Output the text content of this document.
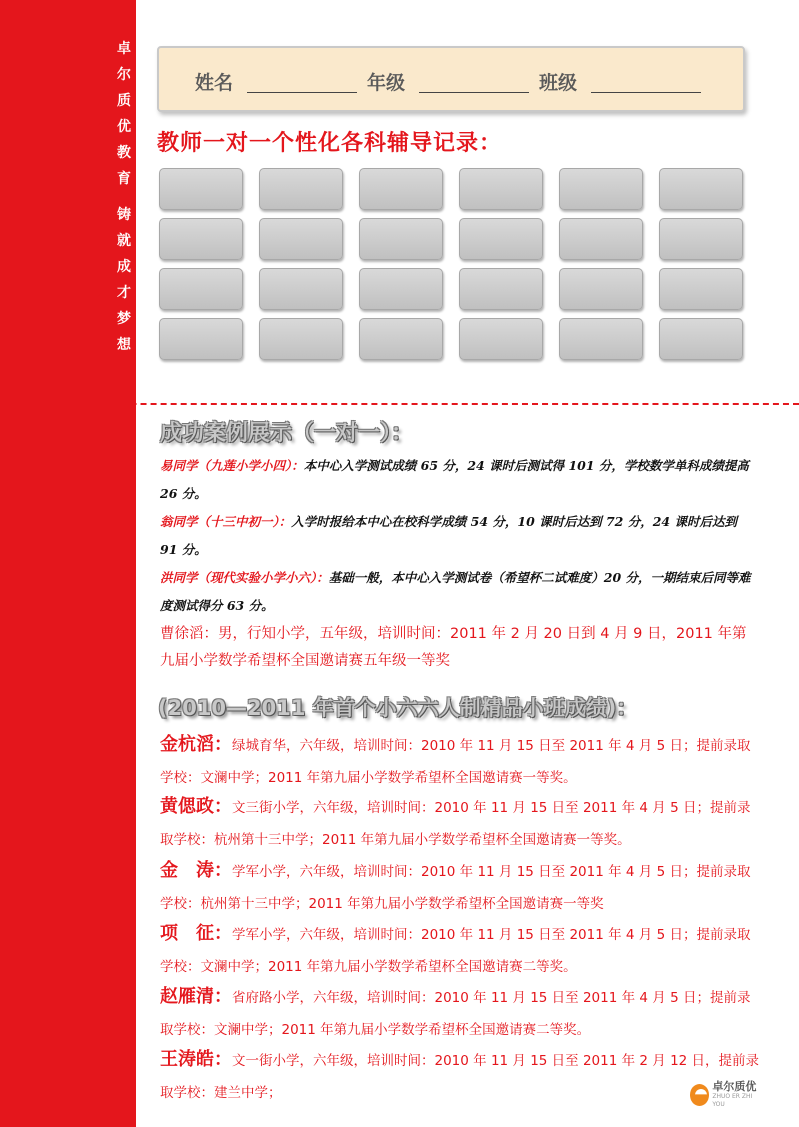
卓
尔
质
优
教
育
铸
就
成
才
梦
想
姓名	年级	班级
教师一对一个性化各科辅导记录：
成功案例展示（一对一）：

易同学（九莲小学小四）：本中心入学测试成绩 65 分，24 课时后测试得 101 分，学校数学单科成绩提高 26 分。

翁同学（十三中初一）：入学时报给本中心在校科学成绩 54 分，10 课时后达到 72 分，24 课时后达到 91 分。

洪同学（现代实验小学小六）：基础一般，本中心入学测试卷（希望杯二试难度）20 分，一期结束后同等难度测试得分 63 分。

曹徐滔：男，行知小学，五年级，培训时间：2011 年 2 月 20 日到 4 月 9 日，2011 年第九届小学数学希望杯全国邀请赛五年级一等奖

(2010—2011 年首个小六六人制精品小班成绩)：

金杭滔：绿城育华，六年级，培训时间：2010 年 11 月 15 日至 2011 年 4 月 5 日；提前录取学校：文澜中学；2011 年第九届小学数学希望杯全国邀请赛一等奖。

黄偲政：文三街小学，六年级，培训时间：2010 年 11 月 15 日至 2011 年 4 月 5 日；提前录取学校：杭州第十三中学；2011 年第九届小学数学希望杯全国邀请赛一等奖。

金　涛：学军小学，六年级，培训时间：2010 年 11 月 15 日至 2011 年 4 月 5 日；提前录取学校：杭州第十三中学；2011 年第九届小学数学希望杯全国邀请赛一等奖

项　征：学军小学，六年级，培训时间：2010 年 11 月 15 日至 2011 年 4 月 5 日；提前录取学校：文澜中学；2011 年第九届小学数学希望杯全国邀请赛二等奖。

赵雁清：省府路小学，六年级，培训时间：2010 年 11 月 15 日至 2011 年 4 月 5 日；提前录取学校：文澜中学；2011 年第九届小学数学希望杯全国邀请赛二等奖。

王涛皓：文一街小学，六年级，培训时间：2010 年 11 月 15 日至 2011 年 2 月 12 日，提前录取学校：建兰中学；	卓尔质优
ZHUO ER ZHI YOU
